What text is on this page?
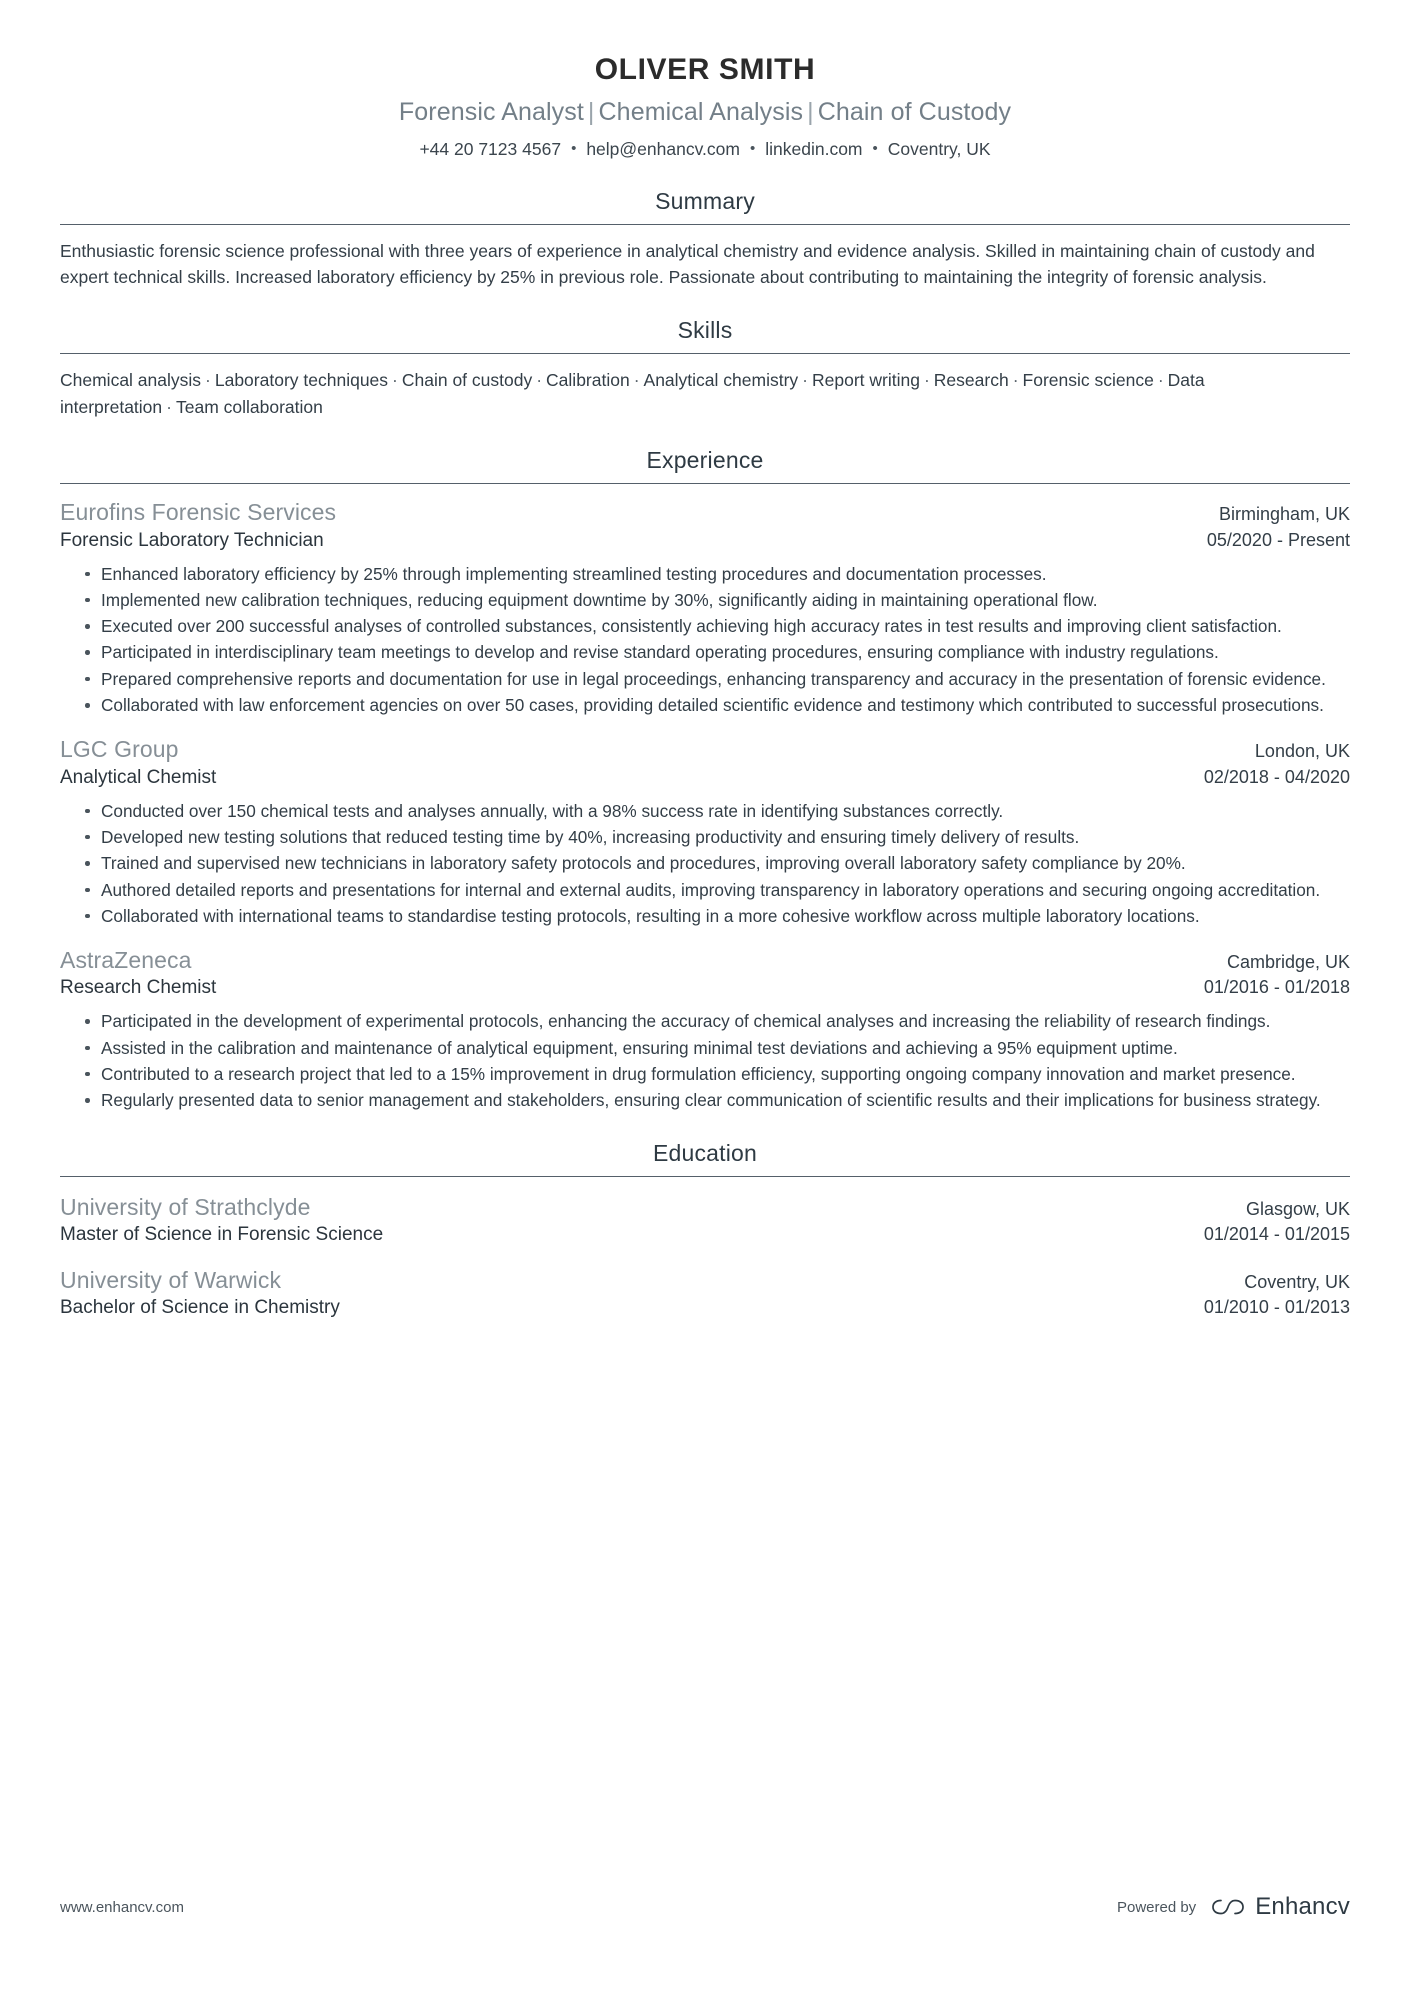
OLIVER SMITH
Forensic Analyst | Chemical Analysis | Chain of Custody
+44 20 7123 4567 • help@enhancv.com • linkedin.com • Coventry, UK
Summary

Enthusiastic forensic science professional with three years of experience in analytical chemistry and evidence analysis. Skilled in maintaining chain of custody and expert technical skills. Increased laboratory efficiency by 25% in previous role. Passionate about contributing to maintaining the integrity of forensic analysis.

Skills
Chemical analysis · Laboratory techniques · Chain of custody · Calibration · Analytical chemistry · Report writing · Research · Forensic science · Data interpretation · Team collaboration
Experience
Eurofins Forensic Services	Birmingham, UK
Forensic Laboratory Technician	05/2020 - Present
Enhanced laboratory efficiency by 25% through implementing streamlined testing procedures and documentation processes.
Implemented new calibration techniques, reducing equipment downtime by 30%, significantly aiding in maintaining operational flow.
Executed over 200 successful analyses of controlled substances, consistently achieving high accuracy rates in test results and improving client satisfaction.
Participated in interdisciplinary team meetings to develop and revise standard operating procedures, ensuring compliance with industry regulations.
Prepared comprehensive reports and documentation for use in legal proceedings, enhancing transparency and accuracy in the presentation of forensic evidence.
Collaborated with law enforcement agencies on over 50 cases, providing detailed scientific evidence and testimony which contributed to successful prosecutions.
LGC Group	London, UK
Analytical Chemist	02/2018 - 04/2020
Conducted over 150 chemical tests and analyses annually, with a 98% success rate in identifying substances correctly.
Developed new testing solutions that reduced testing time by 40%, increasing productivity and ensuring timely delivery of results.
Trained and supervised new technicians in laboratory safety protocols and procedures, improving overall laboratory safety compliance by 20%.
Authored detailed reports and presentations for internal and external audits, improving transparency in laboratory operations and securing ongoing accreditation.
Collaborated with international teams to standardise testing protocols, resulting in a more cohesive workflow across multiple laboratory locations.
AstraZeneca	Cambridge, UK
Research Chemist	01/2016 - 01/2018
Participated in the development of experimental protocols, enhancing the accuracy of chemical analyses and increasing the reliability of research findings.
Assisted in the calibration and maintenance of analytical equipment, ensuring minimal test deviations and achieving a 95% equipment uptime.
Contributed to a research project that led to a 15% improvement in drug formulation efficiency, supporting ongoing company innovation and market presence.
Regularly presented data to senior management and stakeholders, ensuring clear communication of scientific results and their implications for business strategy.
Education
University of Strathclyde	Glasgow, UK
Master of Science in Forensic Science	01/2014 - 01/2015
University of Warwick	Coventry, UK
Bachelor of Science in Chemistry	01/2010 - 01/2013
www.enhancv.com	Powered by Enhancv
